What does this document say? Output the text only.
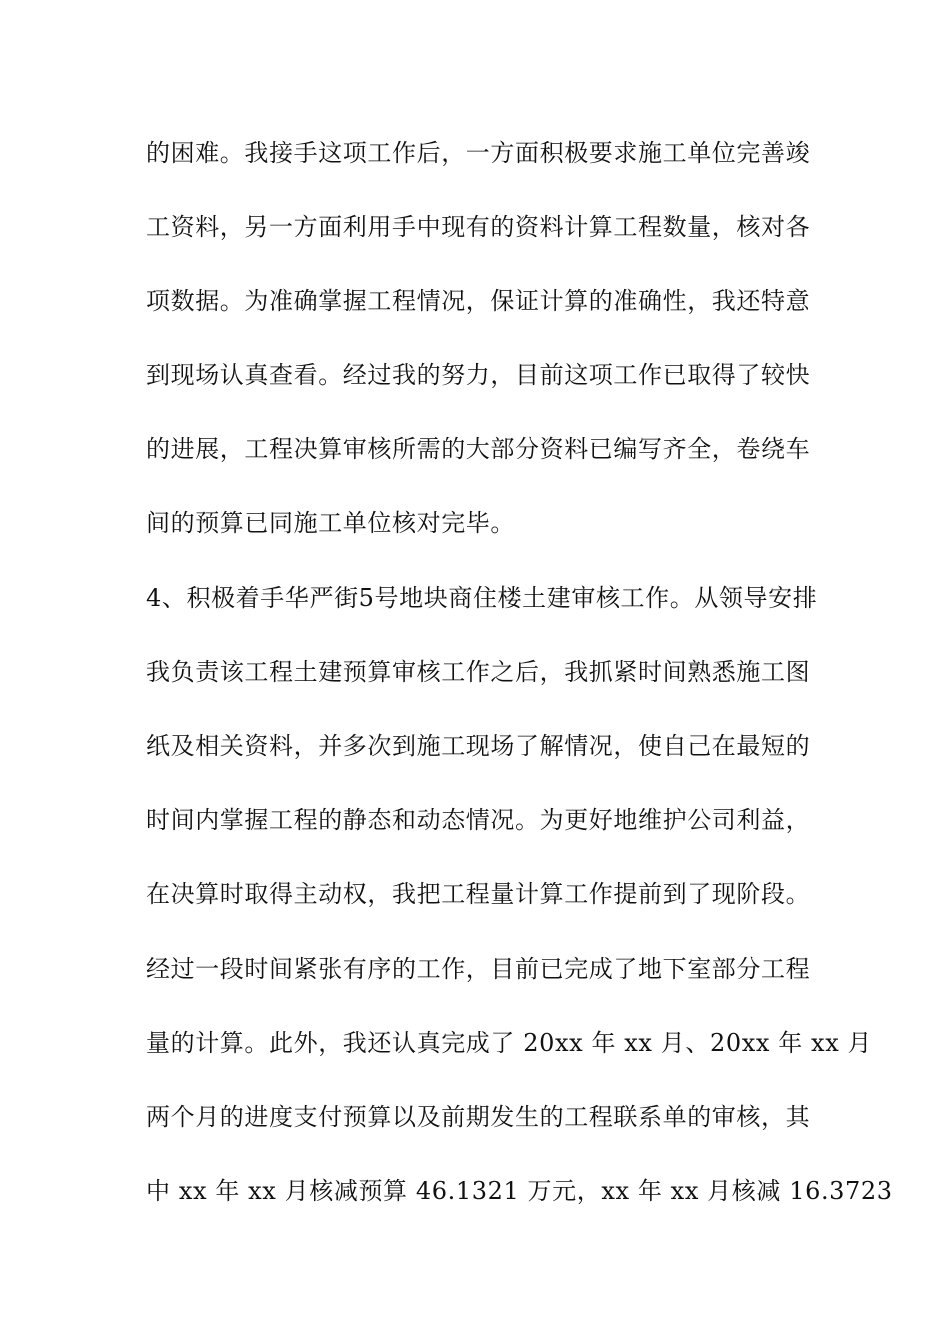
的困难。我接手这项工作后，一方面积极要求施工单位完善竣
工资料，另一方面利用手中现有的资料计算工程数量，核对各
项数据。为准确掌握工程情况，保证计算的准确性，我还特意
到现场认真查看。经过我的努力，目前这项工作已取得了较快
的进展，工程决算审核所需的大部分资料已编写齐全，卷绕车
间的预算已同施工单位核对完毕。
4、积极着手华严街5号地块商住楼土建审核工作。从领导安排
我负责该工程土建预算审核工作之后，我抓紧时间熟悉施工图
纸及相关资料，并多次到施工现场了解情况，使自己在最短的
时间内掌握工程的静态和动态情况。为更好地维护公司利益，
在决算时取得主动权，我把工程量计算工作提前到了现阶段。
经过一段时间紧张有序的工作，目前已完成了地下室部分工程
量的计算。此外，我还认真完成了 20xx 年 xx 月、20xx 年 xx 月
两个月的进度支付预算以及前期发生的工程联系单的审核，其
中 xx 年 xx 月核减预算 46.1321 万元，xx 年 xx 月核减 16.3723
